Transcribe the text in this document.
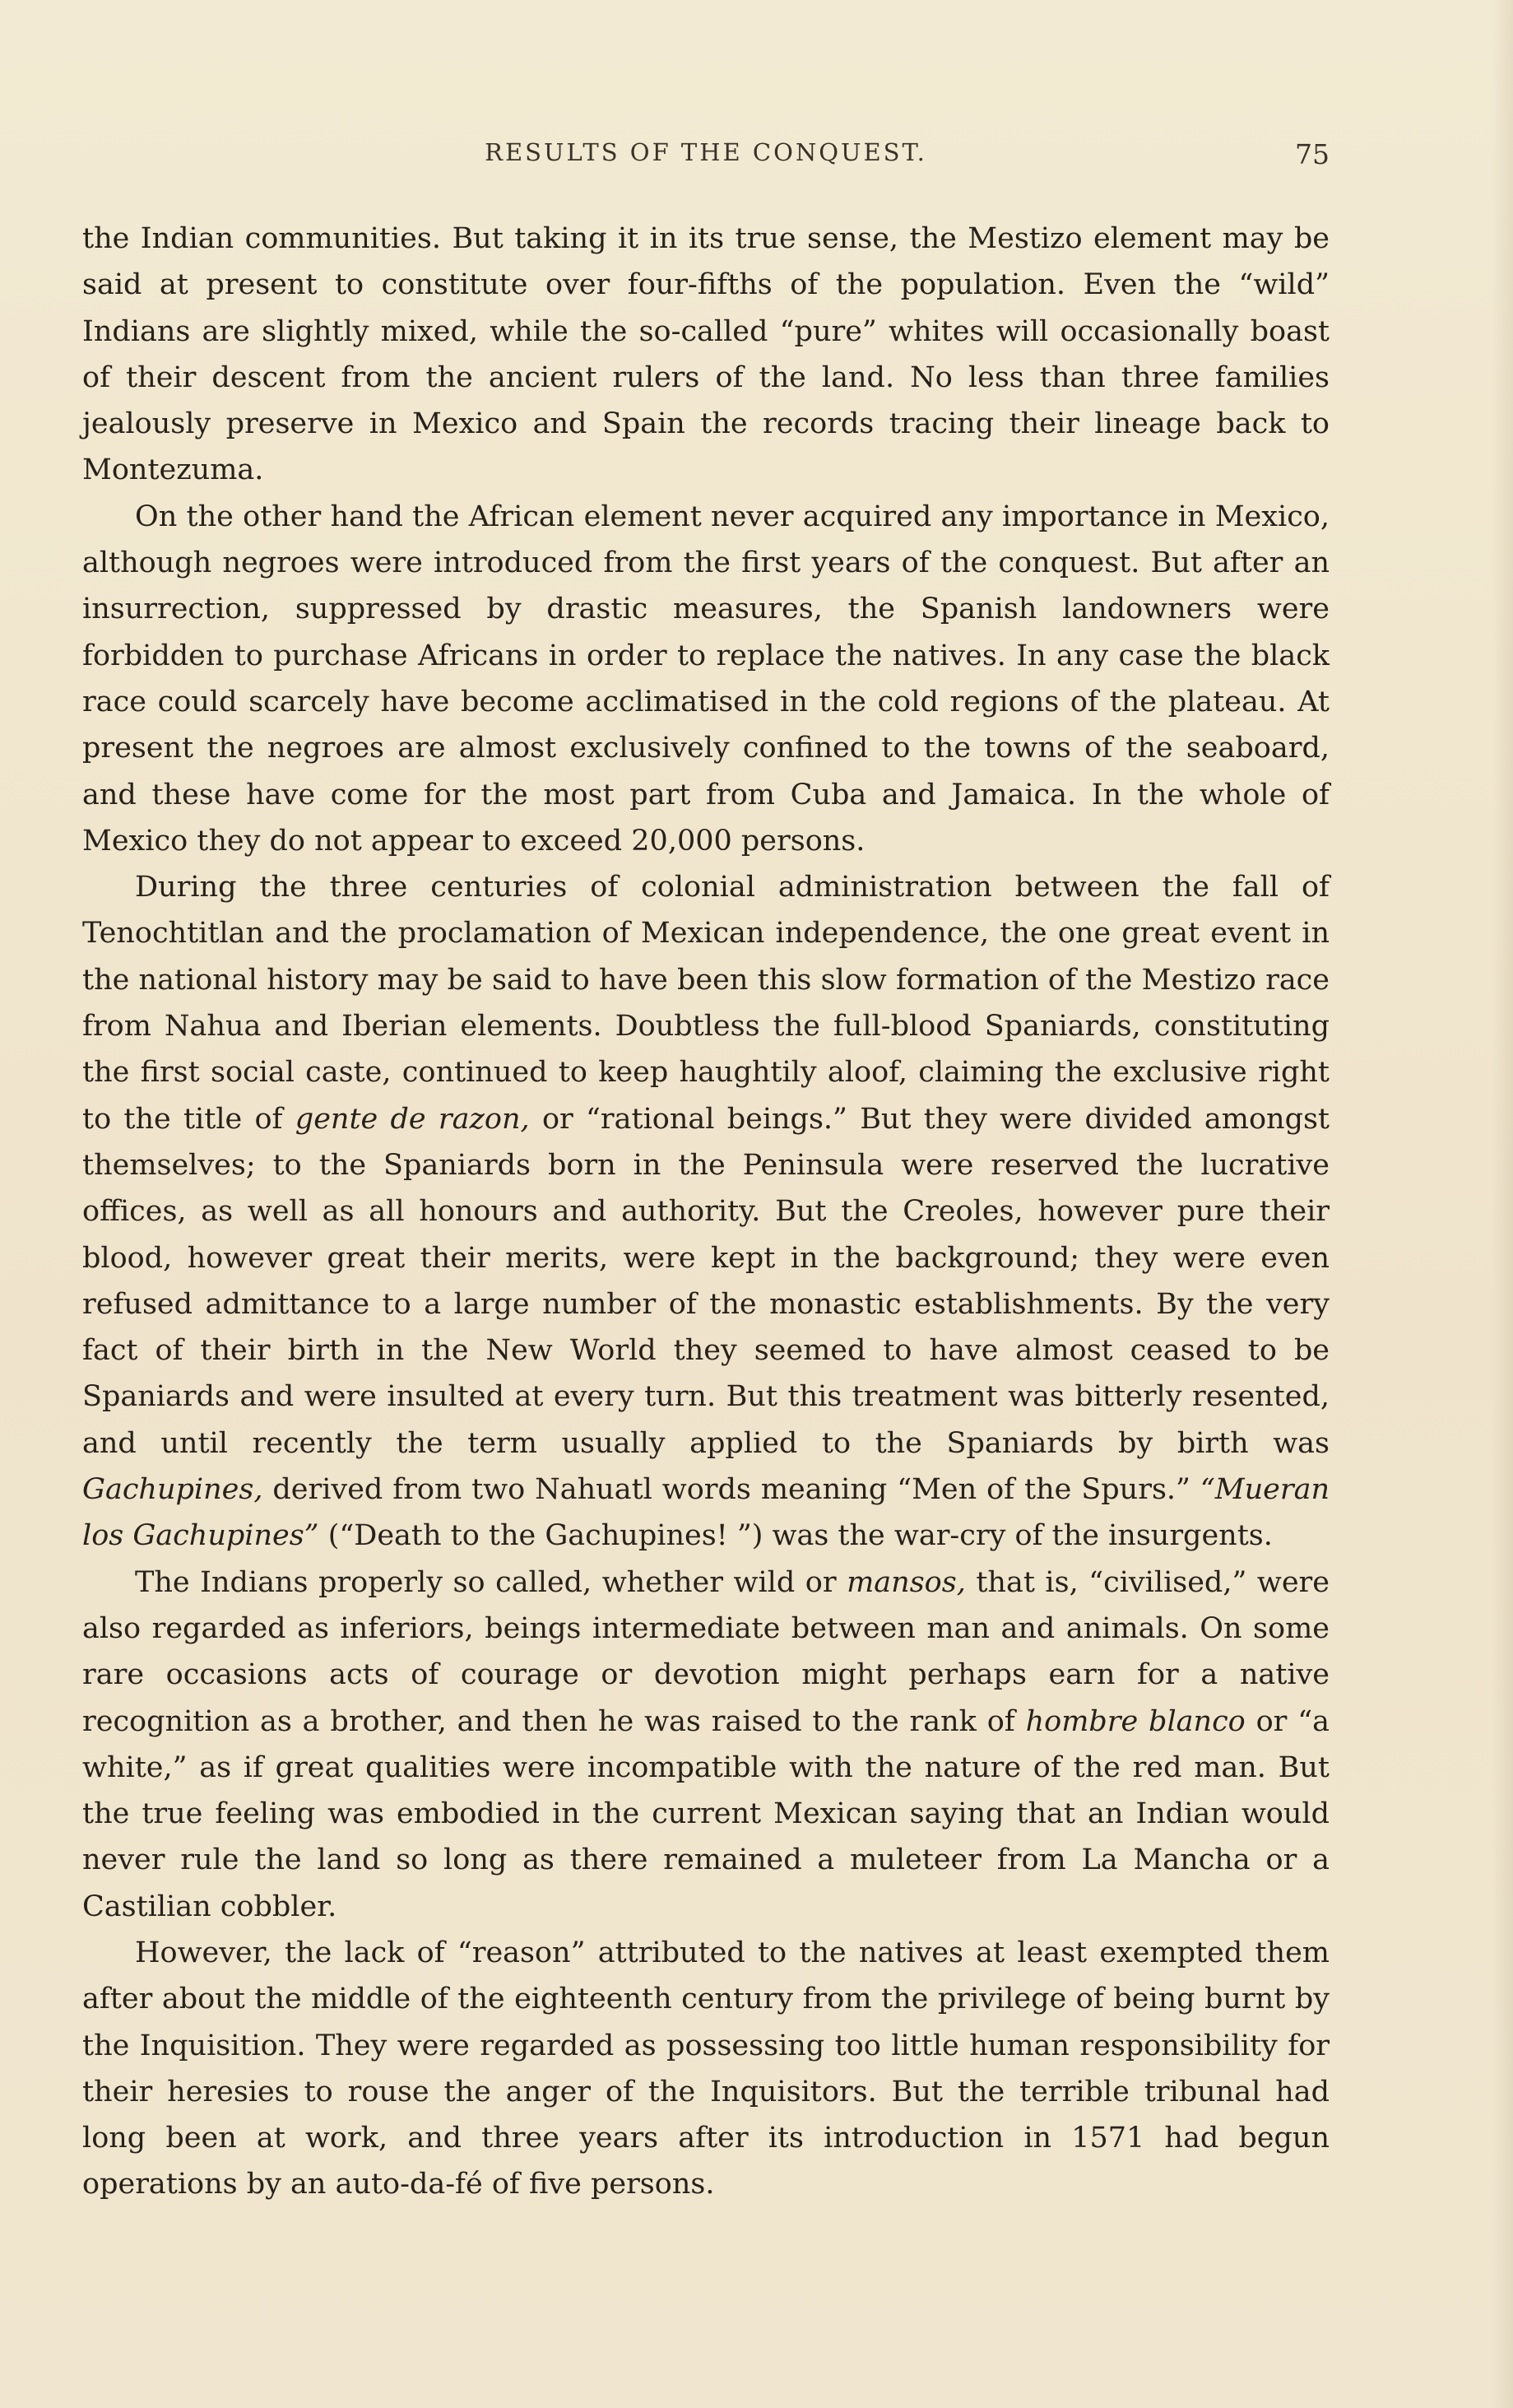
RESULTS OF THE CONQUEST.	75

the Indian communities. But taking it in its true sense, the Mestizo element may be said at present to constitute over four-fifths of the population. Even the “wild” Indians are slightly mixed, while the so-called “pure” whites will occasionally boast of their descent from the ancient rulers of the land. No less than three families jealously preserve in Mexico and Spain the records tracing their lineage back to Montezuma.

On the other hand the African element never acquired any importance in Mexico, although negroes were introduced from the first years of the conquest. But after an insurrection, suppressed by drastic measures, the Spanish landowners were forbidden to purchase Africans in order to replace the natives. In any case the black race could scarcely have become acclimatised in the cold regions of the plateau. At present the negroes are almost exclusively confined to the towns of the seaboard, and these have come for the most part from Cuba and Jamaica. In the whole of Mexico they do not appear to exceed 20,000 persons.

During the three centuries of colonial administration between the fall of Tenochtitlan and the proclamation of Mexican independence, the one great event in the national history may be said to have been this slow formation of the Mestizo race from Nahua and Iberian elements. Doubtless the full-blood Spaniards, constituting the first social caste, continued to keep haughtily aloof, claiming the exclusive right to the title of gente de razon, or “rational beings.” But they were divided amongst themselves; to the Spaniards born in the Peninsula were reserved the lucrative offices, as well as all honours and authority. But the Creoles, however pure their blood, however great their merits, were kept in the background; they were even refused admittance to a large number of the monastic establishments. By the very fact of their birth in the New World they seemed to have almost ceased to be Spaniards and were insulted at every turn. But this treatment was bitterly resented, and until recently the term usually applied to the Spaniards by birth was Gachupines, derived from two Nahuatl words meaning “Men of the Spurs.” “Mueran los Gachupines” (“Death to the Gachupines! ”) was the war-cry of the insurgents.

The Indians properly so called, whether wild or mansos, that is, “civilised,” were also regarded as inferiors, beings intermediate between man and animals. On some rare occasions acts of courage or devotion might perhaps earn for a native recognition as a brother, and then he was raised to the rank of hombre blanco or “a white,” as if great qualities were incompatible with the nature of the red man. But the true feeling was embodied in the current Mexican saying that an Indian would never rule the land so long as there remained a muleteer from La Mancha or a Castilian cobbler.

However, the lack of “reason” attributed to the natives at least exempted them after about the middle of the eighteenth century from the privilege of being burnt by the Inquisition. They were regarded as possessing too little human responsibility for their heresies to rouse the anger of the Inquisitors. But the terrible tribunal had long been at work, and three years after its introduction in 1571 had begun operations by an auto-da-fé of five persons.
